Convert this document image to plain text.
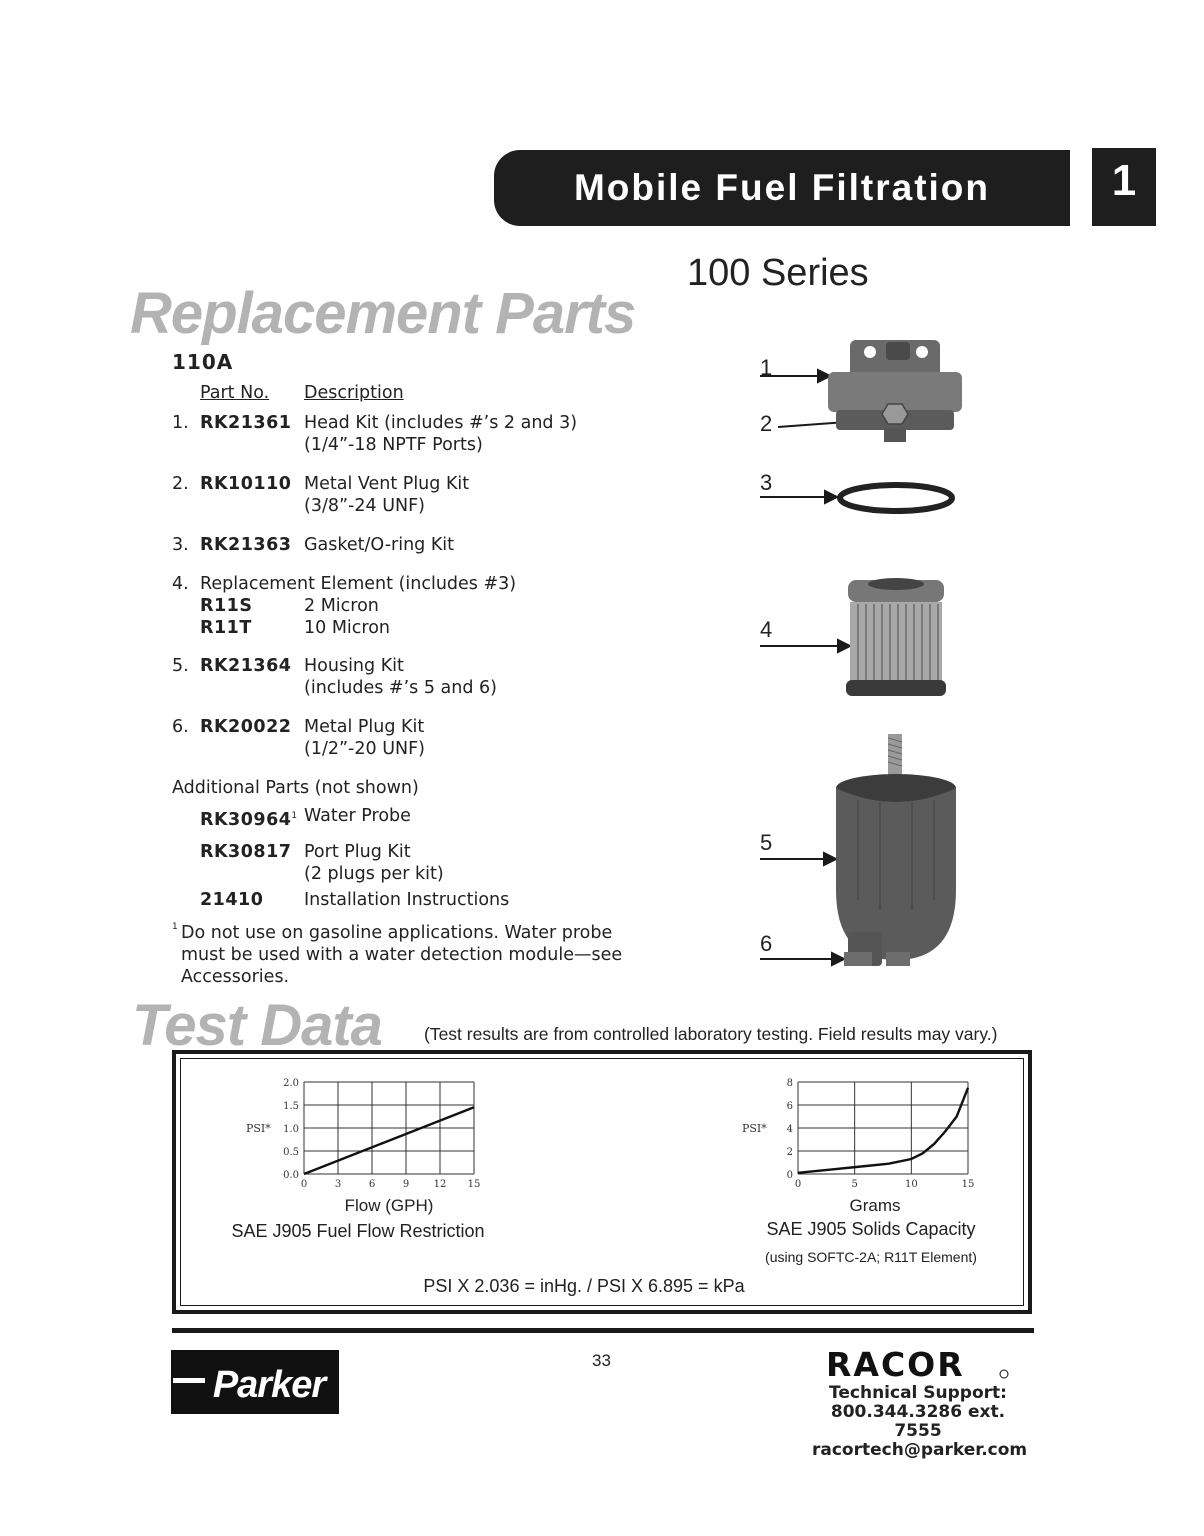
Mobile Fuel Filtration	1
100 Series
Replacement Parts
110A
Part No. Description
1. RK21361 Head Kit (includes #’s 2 and 3)
(1/4”-18 NPTF Ports)
2. RK10110 Metal Vent Plug Kit
(3/8”-24 UNF)
3. RK21363 Gasket/O-ring Kit
4. Replacement Element (includes #3)
R11S	2 Micron
R11T	10 Micron
5. RK21364 Housing Kit
(includes #’s 5 and 6)
6. RK20022 Metal Plug Kit
(1/2”-20 UNF)
Additional Parts (not shown)
RK30964$^1$ Water Probe
RK30817 Port Plug Kit
(2 plugs per kit)
21410 Installation Instructions
1 Do not use on gasoline applications. Water probe
must be used with a water detection module—see
Accessories.
1
2
3
4
5
6
Test Data (Test results are from controlled laboratory testing. Field results may vary.)
0	3	6	9 12 15
0.0
0.5
1.0
1.5
2.0
PSI*
Flow (GPH)
SAE J905 Fuel Flow Restriction
0	5	10	15
0
2
4
6
8
PSI*
Grams
SAE J905 Solids Capacity
(using SOFTC-2A; R11T Element)
PSI X 2.036 = inHg. / PSI X 6.895 = kPa
33
Parker	RACOR
Technical Support:
800.344.3286 ext. 7555
racortech@parker.com
